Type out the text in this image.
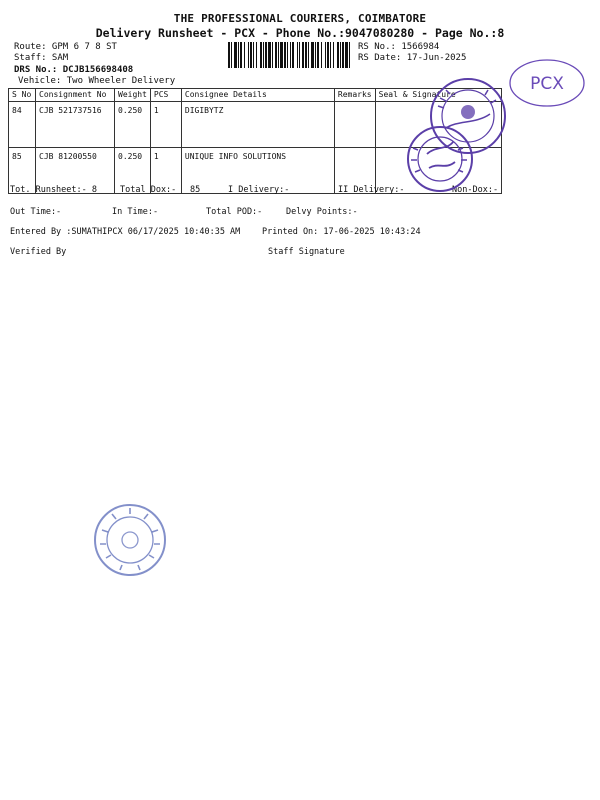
THE PROFESSIONAL COURIERS, COIMBATORE
Delivery Runsheet - PCX - Phone No.:9047080280 - Page No.:8
Route: GPM 6 7 8 ST
Staff: SAM
DRS No.: DCJB156698408
Vehicle: Two Wheeler Delivery
RS No.: 1566984
RS Date: 17-Jun-2025
S No	Consignment No	Weight	PCS	Consignee Details	Remarks	Seal & Signature
84	CJB 521737516	0.250	1	DIGIBYTZ		
85	CJB 81200550	0.250	1	UNIQUE INFO SOLUTIONS		
Tot. Runsheet:- 8	Total Dox:- 85	I Delivery:-	II Delivery:-	Non-Dox:-
Out Time:-	In Time:-	Total POD:-	Delvy Points:-
Entered By :SUMATHIPCX 06/17/2025 10:40:35 AM	Printed On: 17-06-2025 10:43:24
Verified By	Staff Signature
PCX
